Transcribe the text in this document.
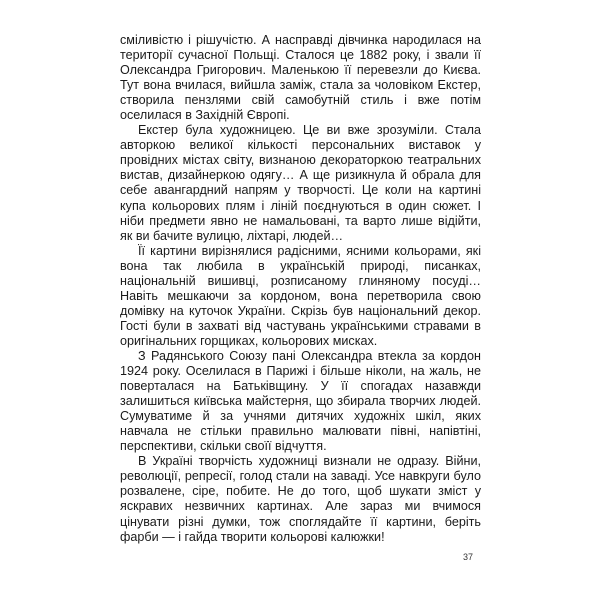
сміливістю і рішучістю. А насправді дівчинка народилася на території сучасної Польщі. Сталося це 1882 року, і звали її Олександра Григорович. Маленькою її перевезли до Києва. Тут вона вчилася, вийшла заміж, стала за чоловіком Екстер, створила пензлями свій самобутній стиль і вже потім оселилася в Західній Європі.

Екстер була художницею. Це ви вже зрозуміли. Стала авторкою великої кількості персональних виставок у провідних містах світу, визнаною декораторкою театральних вистав, дизайнеркою одягу… А ще ризикнула й обрала для себе авангардний напрям у творчості. Це коли на картині купа кольорових плям і ліній поєднуються в один сюжет. І ніби предмети явно не намальовані, та варто лише відійти, як ви бачите вулицю, ліхтарі, людей…

Її картини вирізнялися радісними, ясними кольорами, які вона так любила в українській природі, писанках, національній вишивці, розписаному глиняному посуді… Навіть мешкаючи за кордоном, вона перетворила свою домівку на куточок України. Скрізь був національний декор. Гості були в захваті від частувань українськими стравами в оригінальних горщиках, кольорових мисках.

З Радянського Союзу пані Олександра втекла за кордон 1924 року. Оселилася в Парижі і більше ніколи, на жаль, не поверталася на Батьківщину. У її спогадах назавжди залишиться київська майстерня, що збирала творчих людей. Сумуватиме й за учнями дитячих художніх шкіл, яких навчала не стільки правильно малювати півні, напівтіні, перспективи, скільки своїї відчуття.

В Україні творчість художниці визнали не одразу. Війни, революції, репресії, голод стали на заваді. Усе навкруги було розвалене, сіре, побите. Не до того, щоб шукати зміст у яскравих незвичних картинах. Але зараз ми вчимося цінувати різні думки, тож споглядайте її картини, беріть фарби — і гайда творити кольорові калюжки!

37
